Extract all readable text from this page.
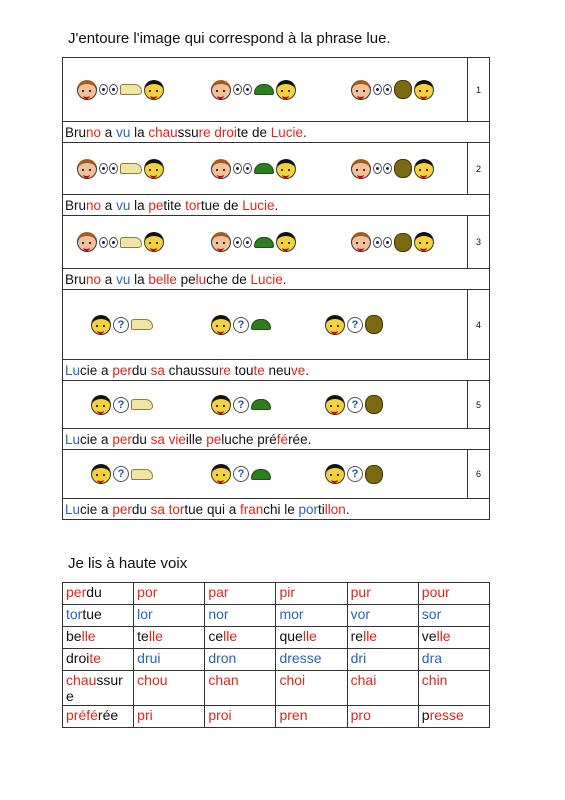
J'entoure l'image qui correspond à la phrase lue.
	1
Bruno a vu la chaussure droite de Lucie.	

	2
Bruno a vu la petite tortue de Lucie.	

	3
Bruno a vu la belle peluche de Lucie.	

? ? ?	4
Lucie a perdu sa chaussure toute neuve.	

? ? ?	5
Lucie a perdu sa vieille peluche préférée.	

? ? ?	6
Lucie a perdu sa tortue qui a franchi le portillon.	
Je lis à haute voix
perdu	por	par	pir	pur	pour
tortue	lor	nor	mor	vor	sor
belle	telle	celle	quelle	relle	velle
droite	drui	dron	dresse	dri	dra
chaussur e	chou	chan	choi	chai	chin
préférée	pri	proi	pren	pro	presse
